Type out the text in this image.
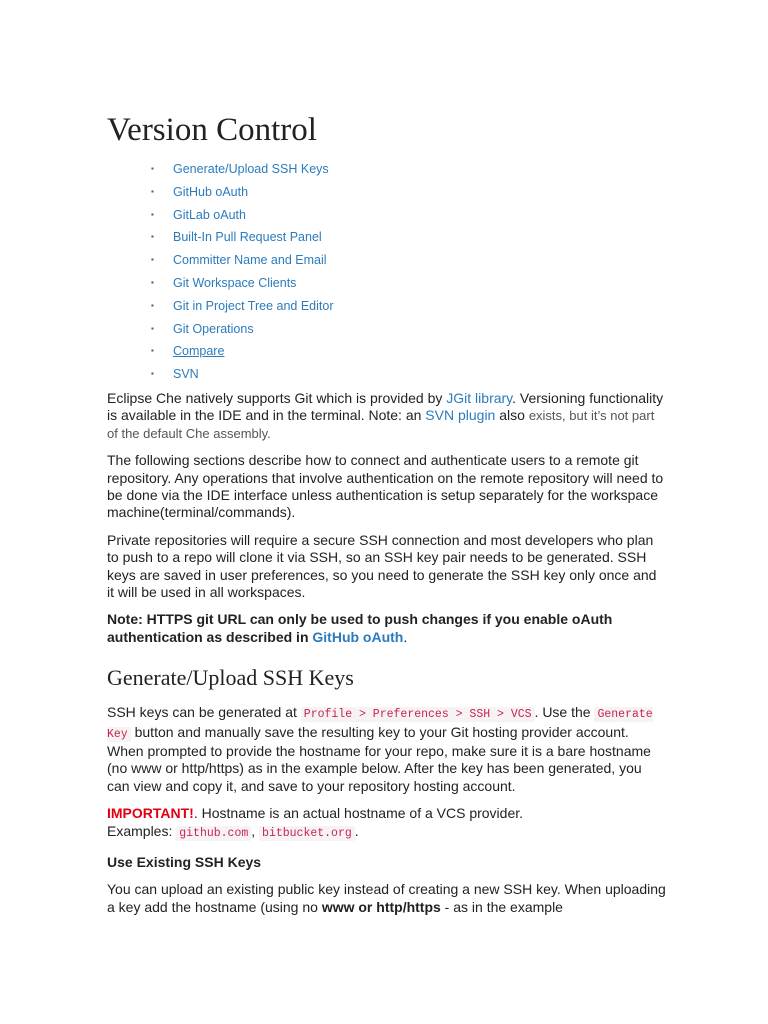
Version Control
▪ Generate/Upload SSH Keys
▪ GitHub oAuth
▪ GitLab oAuth
▪ Built-In Pull Request Panel
▪ Committer Name and Email
▪ Git Workspace Clients
▪ Git in Project Tree and Editor
▪ Git Operations
▪ Compare
▪ SVN

Eclipse Che natively supports Git which is provided by JGit library. Versioning functionality is available in the IDE and in the terminal. Note: an SVN plugin also exists, but it’s not part of the default Che assembly.

The following sections describe how to connect and authenticate users to a remote git repository. Any operations that involve authentication on the remote repository will need to be done via the IDE interface unless authentication is setup separately for the workspace machine(terminal/commands).

Private repositories will require a secure SSH connection and most developers who plan to push to a repo will clone it via SSH, so an SSH key pair needs to be generated. SSH keys are saved in user preferences, so you need to generate the SSH key only once and it will be used in all workspaces.

Note: HTTPS git URL can only be used to push changes if you enable oAuth authentication as described in GitHub oAuth.

Generate/Upload SSH Keys

SSH keys can be generated at Profile > Preferences > SSH > VCS . Use the Generate Key button and manually save the resulting key to your Git hosting provider account. When prompted to provide the hostname for your repo, make sure it is a bare hostname (no www or http/https) as in the example below. After the key has been generated, you can view and copy it, and save to your repository hosting account.

IMPORTANT!. Hostname is an actual hostname of a VCS provider.
Examples: github.com , bitbucket.org .

Use Existing SSH Keys

You can upload an existing public key instead of creating a new SSH key. When uploading a key add the hostname (using no www or http/https - as in the example
